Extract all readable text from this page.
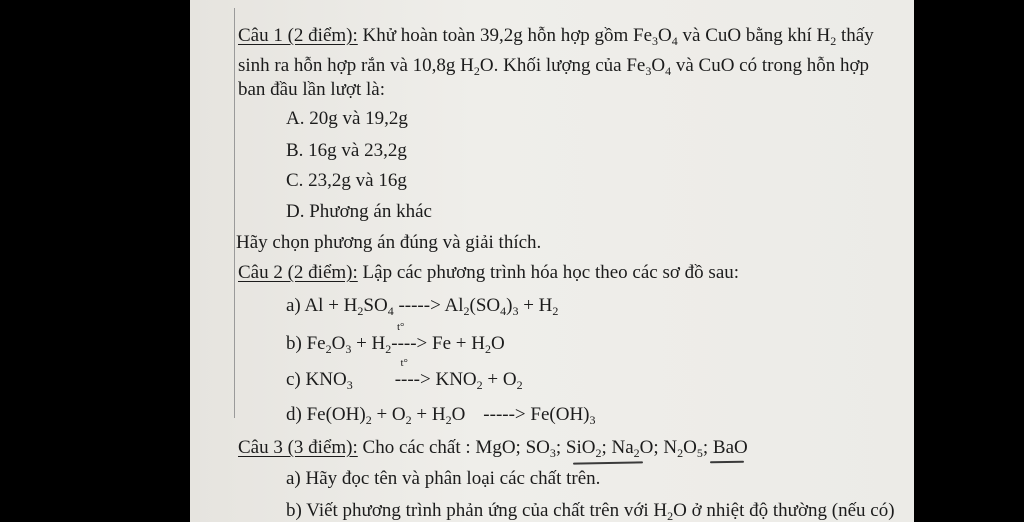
Câu 1 (2 điểm): Khử hoàn toàn 39,2g hỗn hợp gồm $Fe_3O_4$ và CuO bằng khí $H_2$ thấy
sinh ra hỗn hợp rắn và 10,8g $H_2O$. Khối lượng của $Fe_3O_4$ và CuO có trong hỗn hợp
ban đầu lần lượt là:
A. 20g và 19,2g
B. 16g và 23,2g
C. 23,2g và 16g
D. Phương án khác
Hãy chọn phương án đúng và giải thích.
Câu 2 (2 điểm): Lập các phương trình hóa học theo các sơ đồ sau:
a) $Al + H_2SO_4$ -----> $Al_2(SO_4)_3 + H_2$
b) $Fe_2O_3 + H_2---$
t°
-> $Fe + H_2O$
c) $KNO_3$ ---
t°
-> $KNO_2 + O_2$
d) $Fe(OH)_2 + O_2 + H_2O$ -----> $Fe(OH)_3$
Câu 3 (3 điểm): Cho các chất : MgO; $SO_3$; SiO$_2$; $Na_2O$; $N_2O_5$; BaO
a) Hãy đọc tên và phân loại các chất trên.
b) Viết phương trình phản ứng của chất trên với $H_2O$ ở nhiệt độ thường (nếu có)
